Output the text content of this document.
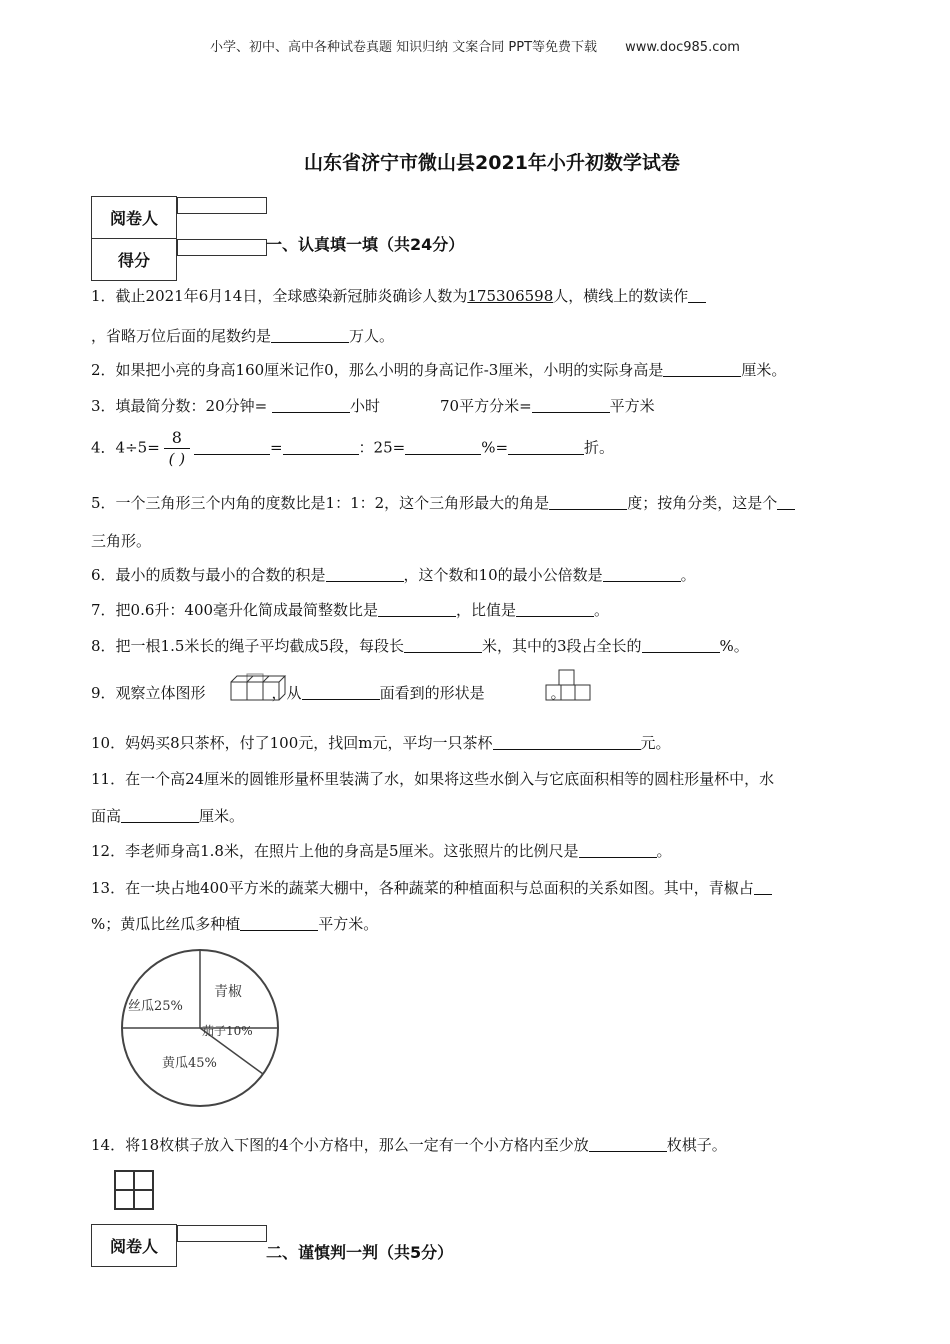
小学、初中、高中各种试卷真题 知识归纳 文案合同 PPT等免费下载 www.doc985.com
山东省济宁市微山县2021年小升初数学试卷
阅卷人	
得分	
一、认真填一填（共24分）
1．截止2021年6月14日，全球感染新冠肺炎确诊人数为175306598人，横线上的数读作
，省略万位后面的尾数约是	万人。
2．如果把小亮的身高160厘米记作0，那么小明的身高记作-3厘米，小明的实际身高是	厘米。
3．填最简分数：20分钟=	小时	70平方分米=	平方米
4．$4\div 5= \frac{8}{( )}$	=	：25=	%=	折。
5．一个三角形三个内角的度数比是1：1：2，这个三角形最大的角是	度；按角分类，这是个
三角形。
6．最小的质数与最小的合数的积是	，这个数和10的最小公倍数是	。
7．把0.6升：400毫升化简成最简整数比是	，比值是	。
8．把一根1.5米长的绳子平均截成5段，每段长	米，其中的3段占全长的	%。
9．观察立体图形	，从	面看到的形状是	。
10．妈妈买8只茶杯，付了100元，找回m元，平均一只茶杯	元。
11．在一个高24厘米的圆锥形量杯里装满了水，如果将这些水倒入与它底面积相等的圆柱形量杯中，水
面高	厘米。
12．李老师身高1.8米，在照片上他的身高是5厘米。这张照片的比例尺是	。
13．在一块占地400平方米的蔬菜大棚中，各种蔬菜的种植面积与总面积的关系如图。其中，青椒占
%；黄瓜比丝瓜多种植	平方米。
青椒
丝瓜25%
茄子10%
黄瓜45%
14．将18枚棋子放入下图的4个小方格中，那么一定有一个小方格内至少放	枚棋子。
阅卷人		二、谨慎判一判（共5分）
